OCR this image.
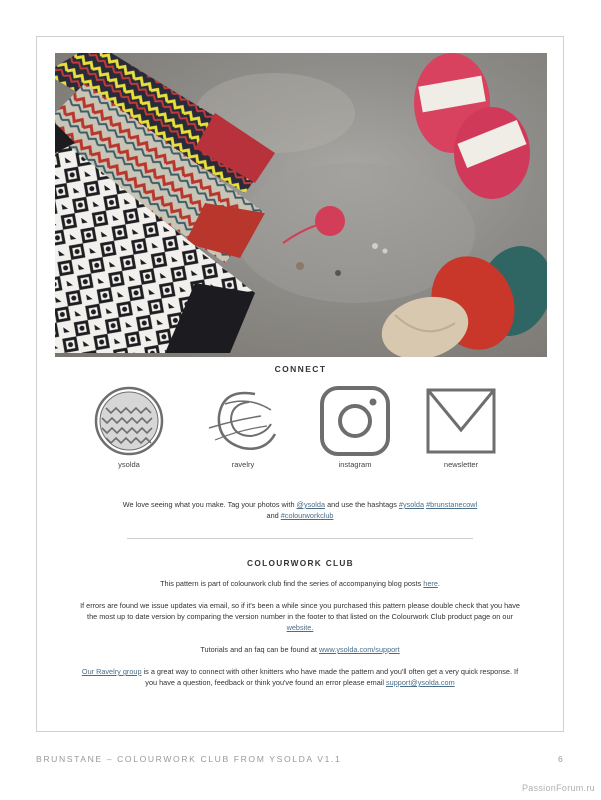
CONNECT
ysolda	ravelry	instagram	newsletter
We love seeing what you make. Tag your photos with @ysolda and use the hashtags #ysolda #brunstanecowl
and #colourworkclub
COLOURWORK CLUB
This pattern is part of colourwork club find the series of accompanying blog posts here.
If errors are found we issue updates via email, so if it's been a while since you purchased this pattern please double check that you have the most up to date version by comparing the version number in the footer to that listed on the Colourwork Club product page on our website.
Tutorials and an faq can be found at www.ysolda.com/support
Our Ravelry group is a great way to connect with other knitters who have made the pattern and you'll often get a very quick response. If you have a question, feedback or think you've found an error please email support@ysolda.com
BRUNSTANE – COLOURWORK CLUB FROM YSOLDA V1.1	6
PassionForum.ru
